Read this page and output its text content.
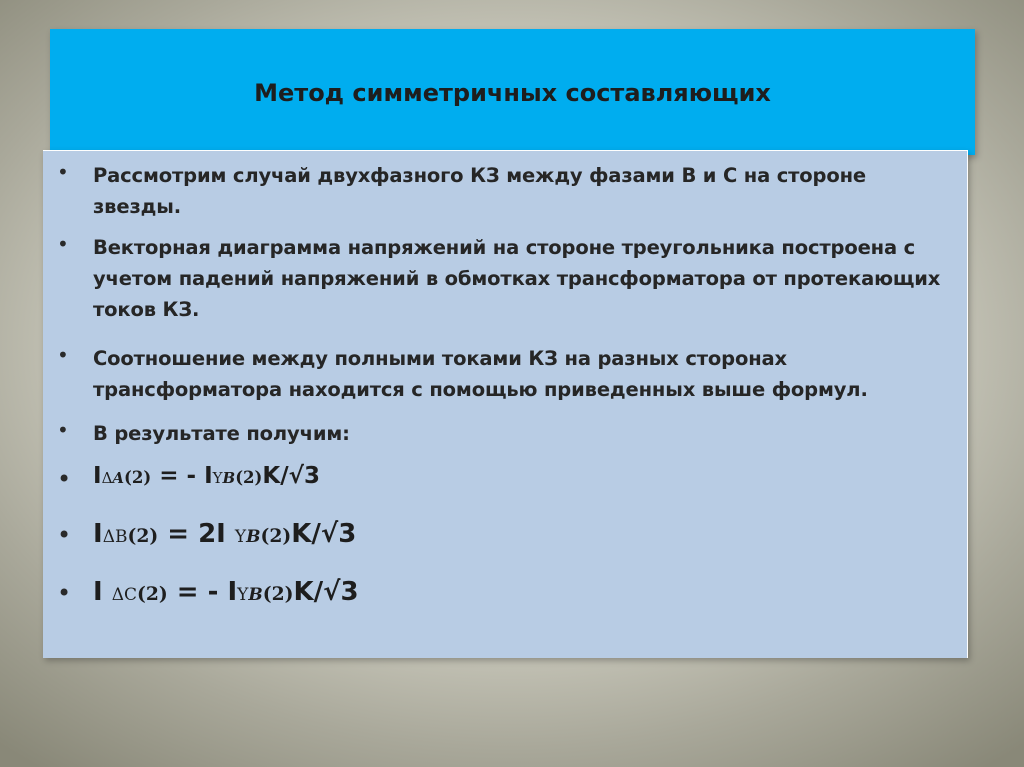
Метод симметричных составляющих
• Рассмотрим случай двухфазного КЗ между фазами В и С на стороне звезды.
• Векторная диаграмма напряжений на стороне треугольника построена с учетом падений напряжений в обмотках трансформатора от протекающих токов КЗ.
• Соотношение между полными токами КЗ на разных сторонах трансформатора находится с помощью приведенных выше формул.
• В результате получим:
• I Δ A (2) = - I Y B (2) K/√3
• I Δ B (2) = 2I Y B (2) K/√3
• I Δ C (2) = - I Y B (2) K/√3
